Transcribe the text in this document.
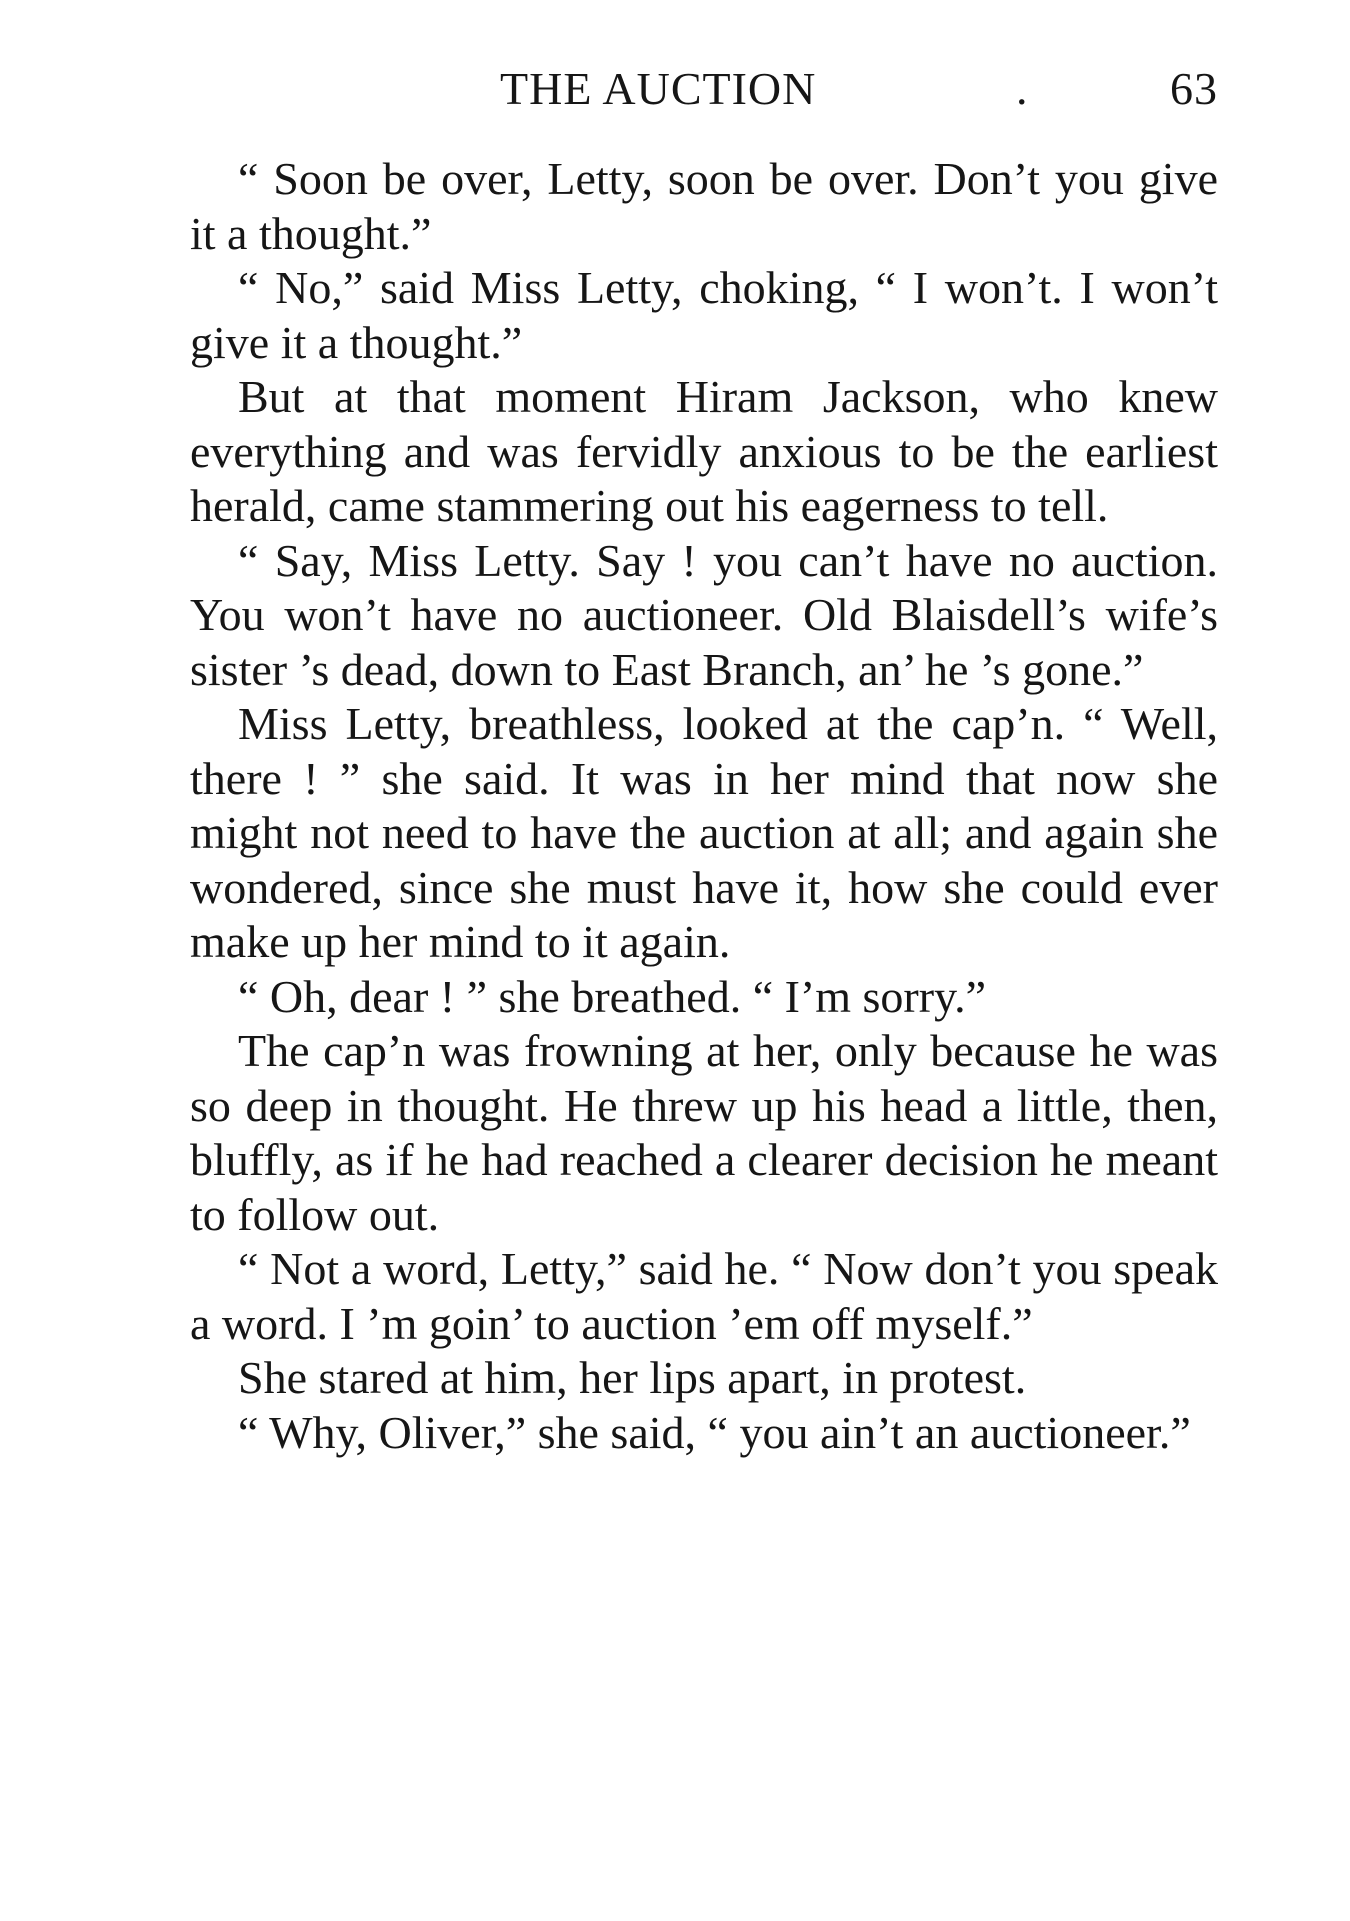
THE AUCTION	.	63

“ Soon be over, Letty, soon be over. Don’t you give it a thought.”

“ No,” said Miss Letty, choking, “ I won’t. I won’t give it a thought.”

But at that moment Hiram Jackson, who knew everything and was fervidly anxious to be the earliest herald, came stammering out his eagerness to tell.

“ Say, Miss Letty. Say ! you can’t have no auction. You won’t have no auctioneer. Old Blaisdell’s wife’s sister ’s dead, down to East Branch, an’ he ’s gone.”

Miss Letty, breathless, looked at the cap’n. “ Well, there ! ” she said. It was in her mind that now she might not need to have the auction at all; and again she wondered, since she must have it, how she could ever make up her mind to it again.

“ Oh, dear ! ” she breathed. “ I’m sorry.”

The cap’n was frowning at her, only because he was so deep in thought. He threw up his head a little, then, bluffly, as if he had reached a clearer decision he meant to follow out.

“ Not a word, Letty,” said he. “ Now don’t you speak a word. I ’m goin’ to auction ’em off myself.”

She stared at him, her lips apart, in protest.

“ Why, Oliver,” she said, “ you ain’t an auctioneer.”
